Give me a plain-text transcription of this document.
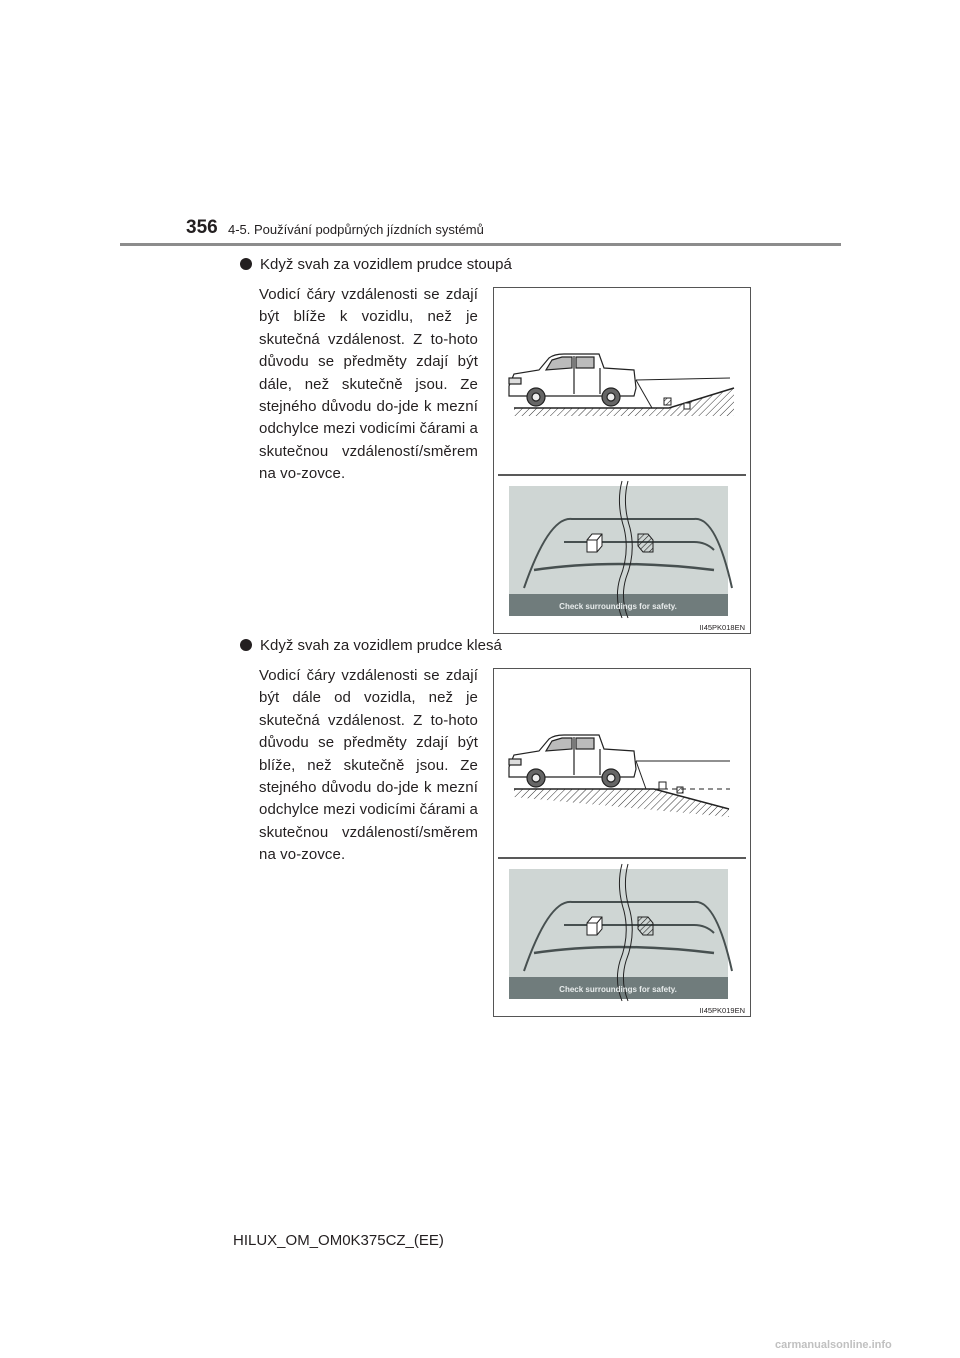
356 4-5. Používání podpůrných jízdních systémů
Když svah za vozidlem prudce stoupá
Vodicí čáry vzdálenosti se zdají být blíže k vozidlu, než je skutečná vzdálenost. Z to-hoto důvodu se předměty zdají být dále, než skutečně jsou. Ze stejného důvodu do-jde k mezní odchylce mezi vodicími čárami a skutečnou vzdáleností/směrem na vo-zovce.
Check surroundings for safety.
II45PK018EN
Když svah za vozidlem prudce klesá
Vodicí čáry vzdálenosti se zdají být dále od vozidla, než je skutečná vzdálenost. Z to-hoto důvodu se předměty zdají být blíže, než skutečně jsou. Ze stejného důvodu do-jde k mezní odchylce mezi vodicími čárami a skutečnou vzdáleností/směrem na vo-zovce.
Check surroundings for safety.
II45PK019EN
HILUX_OM_OM0K375CZ_(EE)
carmanualsonline.info
